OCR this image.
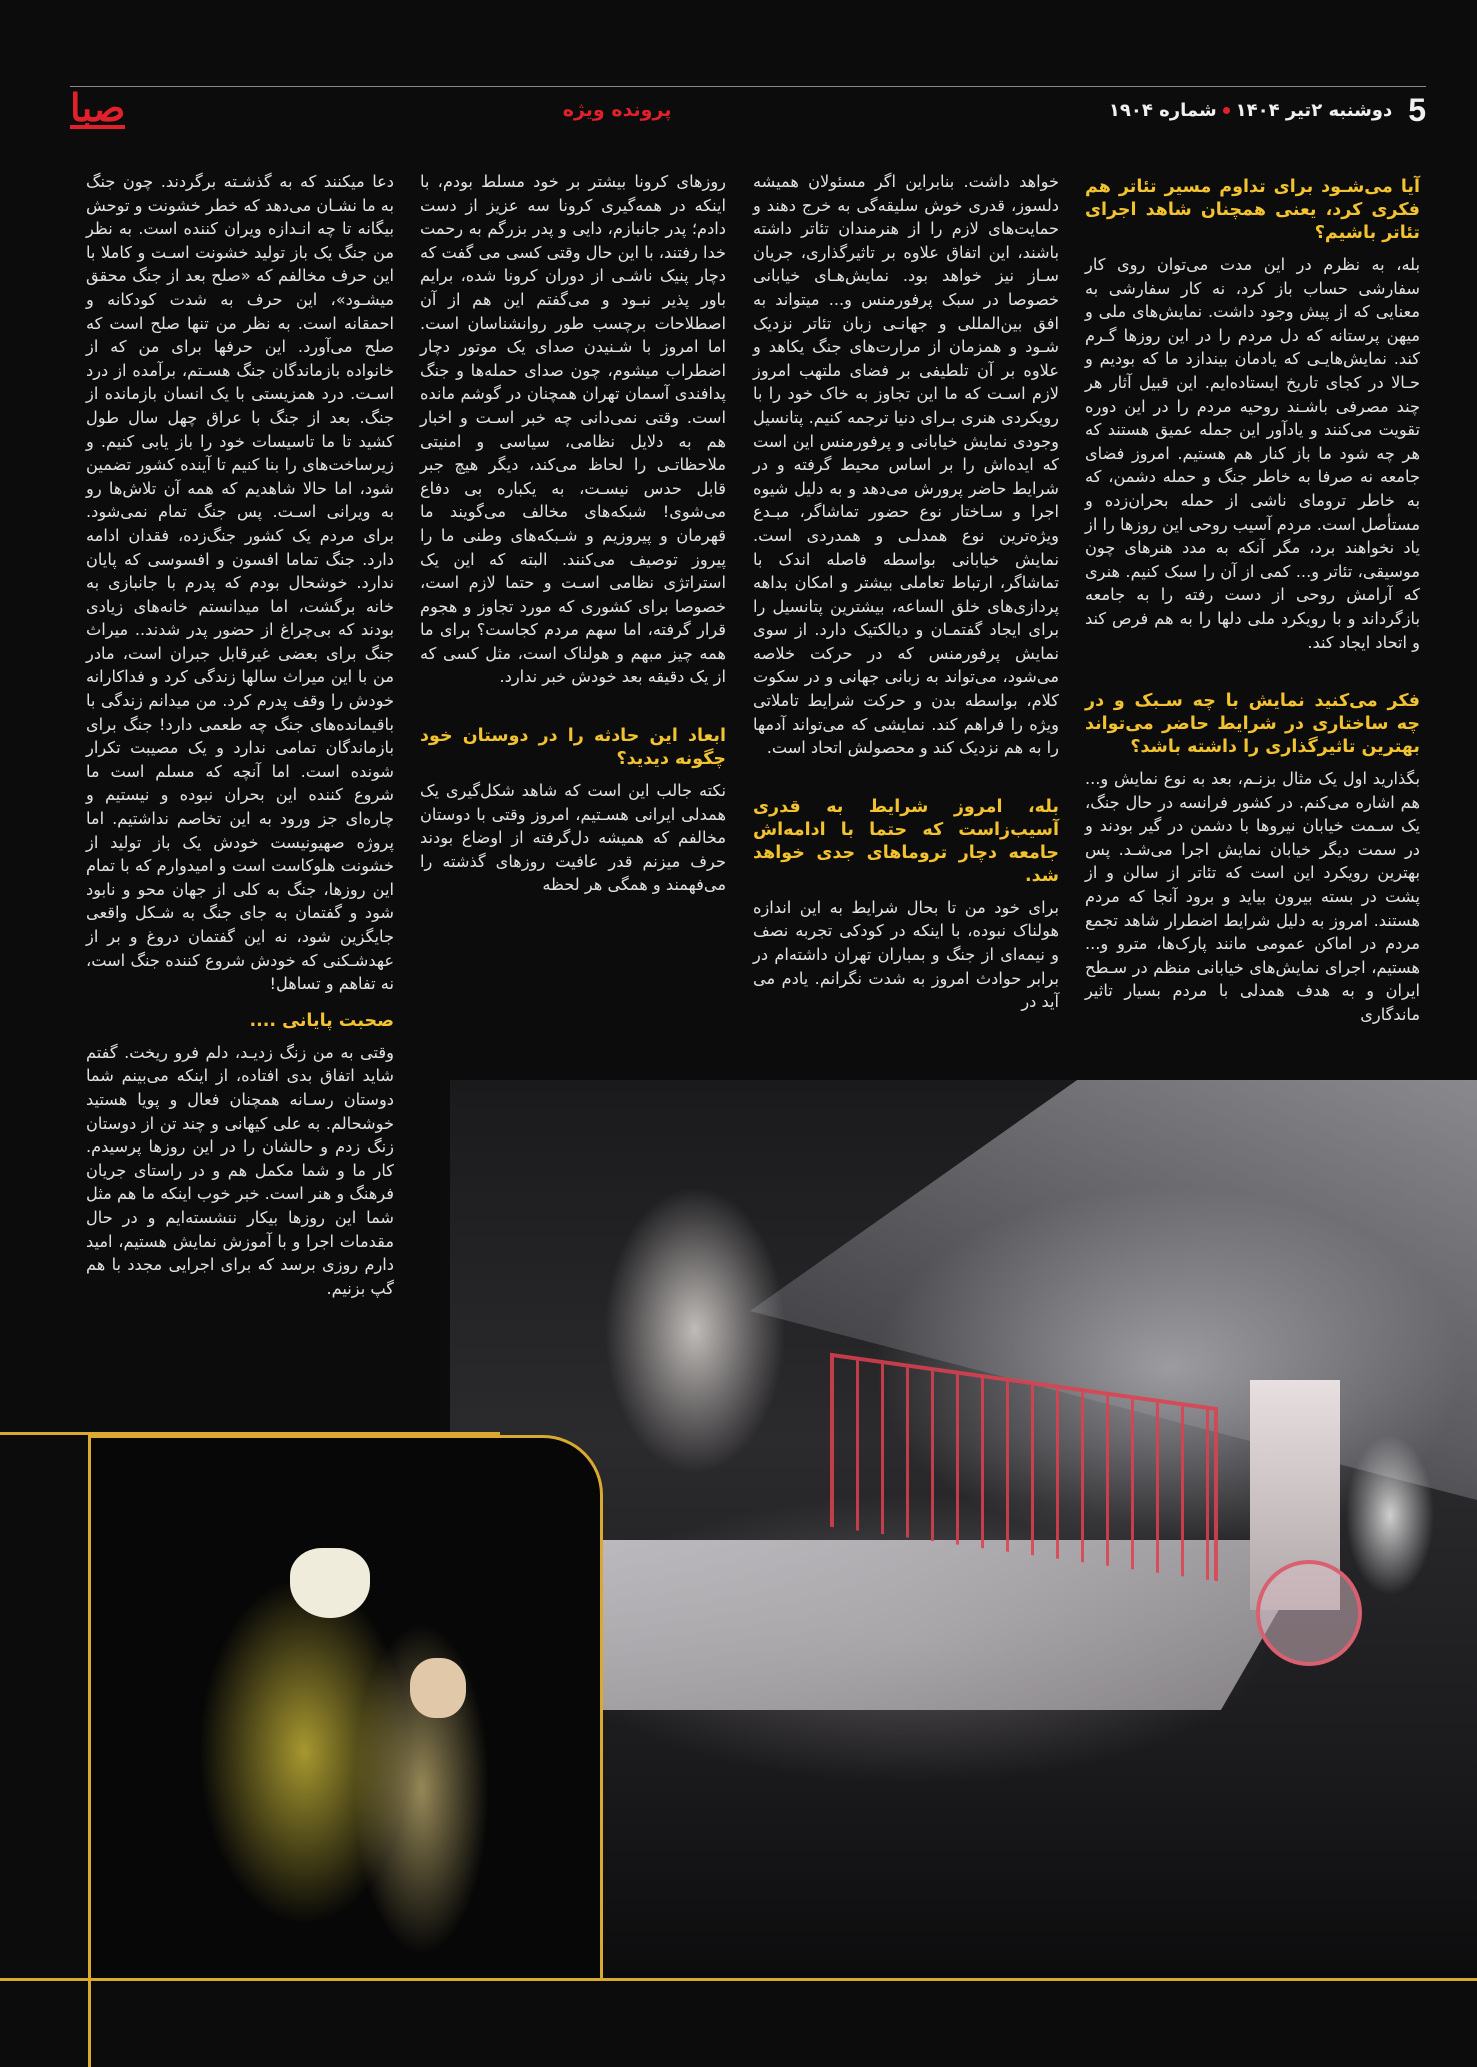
5
دوشنبه ۲تیر ۱۴۰۴شماره ۱۹۰۴
پرونده ویژه
صبا
آیا می‌شـود برای تداوم مسیر تئاتر هم فکری کرد، یعنی همچنان شاهد اجرای تئاتر باشیم؟

بله، به نظرم در این مدت می‌توان روی کار سفارشی حساب باز کرد، نه کار سفارشی به معنایی که از پیش وجود داشت. نمایش‌های ملی و میهن پرستانه که دل مردم را در این روزها گـرم کند. نمایش‌هایـی که یادمان بیندازد ما که بودیم و حـالا در کجای تاریخ ایستاده‌ایم. این قبیل آثار هر چند مصرفی باشـند روحیه مردم را در این دوره تقویت می‌کنند و یادآور این جمله عمیق هستند که هر چه شود ما باز کنار هم هستیم. امروز فضای جامعه نه صرفا به خاطر جنگ و حمله دشمن، که به خاطر تروما‌ی ناشی از حمله بحران‌زده و مستأصل است. مردم آسیب روحی این روزها را از یاد نخواهند برد، مگر آنکه به مدد هنرهای چون موسیقی، تئاتر و... کمی از آن را سبک کنیم. هنری که آرامش روحی از دست رفته را به جامعه بازگرداند و با رویکرد ملی دلها را به هم فرص کند و اتحاد ایجاد کند.

فکر می‌کنید نمایش با چه سـبک و در چه ساختاری در شرایط حاضر می‌تواند بهترین تاثیرگذاری را داشته باشد؟

بگذارید اول یک مثال بزنـم، بعد به نوع نمایش و... هم اشاره می‌کنم. در کشور فرانسه در حال جنگ، یک سـمت خیابان نیروها با دشمن در گیر بودند و در سمت دیگر خیابان نمایش اجرا می‌شـد. پس بهترین رویکرد این است که تئاتر از سالن و از پشت در بسته بیرون بیاید و برود آنجا که مردم هستند. امروز به دلیل شرایط اضطرار شاهد تجمع مردم در اماکن عمومی مانند پارک‌ها، مترو و... هستیم، اجرای نمایش‌های خیابانی منظم در سـطح ایران و به هدف همدلی با مردم بسیار تاثیر ماندگاری

خواهد داشت. بنابراین اگر مسئولان همیشه دلسوز، قدری خوش سلیقه‌گی به خرج دهند و حمایت‌های لازم را از هنرمندان تئاتر داشته باشند، این اتفاق علاوه بر تاثیرگذاری، جریان سـاز نیز خواهد بود. نمایش‌هـای خیابانی خصوصا در سبک پرفورمنس و... میتواند به افق بین‌المللی و جهانـی زبان تئاتر نزدیک شـود و همزمان از مرارت‌های جنگ یکاهد و علاوه بر آن تلطیفی بر فضای ملتهب امروز لازم اسـت که ما این تجاوز به خاک خود را با رویکردی هنری بـرای دنیا ترجمه کنیم. پتانسیل وجودی نمایش خیابانی و پرفورمنس این است که ایده‌اش را بر اساس محیط گرفته و در شرایط حاضر پرورش می‌دهد و به دلیل شیوه اجرا و سـاختار نوع حضور تماشاگر، مبـدع ویژه‌ترین نوع همدلـی و همدردی است. نمایش خیابانی بواسطه فاصله اندک با تماشاگر، ارتباط تعاملی بیشتر و امکان بداهه پردازی‌های خلق الساعه، بیشترین پتانسیل را برای ایجاد گفتمـان و دیالکتیک دارد. از سوی نمایش پرفورمنس که در حرکت خلاصه می‌شود، می‌تواند به زبانی جهانی و در سکوت کلام، بواسطه بدن و حرکت شرایط تاملاتی ویژه را فراهم کند. نمایشی که می‌تواند آدمها را به هم نزدیک کند و محصولش اتحاد است.

بله، امروز شرایط به قدری آسیب‌زاست که حتما با ادامه‌اش جامعه دچار تروماهای جدی خواهد شد.

برای خود من تا بحال شرایط به این اندازه هولناک نبوده، با اینکه در کودکی تجربه نصف و نیمه‌ای از جنگ و بمباران تهران داشته‌ام در برابر حوادث امروز به شدت نگرانم. یادم می آید در

روزهای کرونا بیشتر بر خود مسلط بودم، با اینکه در همه‌گیری کرونا سه عزیز از دست دادم؛ پدر جانبازم، دایی و پدر بزرگم به رحمت خدا رفتند، با این حال وقتی کسی می گفت که دچار پنیک ناشـی از دوران کرونا شده، برایم باور پذیر نبـود و می‌گفتم این هم از آن اصطلاحات برچسب طور روانشناسان است. اما امروز با شـنیدن صدای یک موتور دچار اضطراب میشوم، چون صدای حمله‌ها و جنگ پدافندی آسمان تهران همچنان در گوشم مانده است. وقتی نمی‌دانی چه خبر اسـت و اخبار هم به دلایل نظامی، سیاسی و امنیتی ملاحظاتـی را لحاظ می‌کند، دیگر هیچ جبر قابل حدس نیسـت، به یکباره بی دفاع می‌شوی! شبکه‌های مخالف می‌گویند ما قهرمان و پیروزیم و شـبکه‌های وطنی ما را پیروز توصیف می‌کنند. البته که این یک استراتژی نظامی اسـت و حتما لازم است، خصوصا برای کشوری که مورد تجاوز و هجوم قرار گرفته، اما سهم مردم کجاست؟ برای ما همه چیز مبهم و هولناک است، مثل کسی که از یک دقیقه بعد خودش خبر ندارد.

ابعاد این حادثه را در دوستان خود چگونه دیدید؟

نکته جالب این است که شاهد شکل‌گیری یک همدلی ایرانی هسـتیم، امروز وقتی با دوستان مخالفم که همیشه دل‌گرفته از اوضاع بودند حرف میزنم قدر عافیت روزهای گذشته را می‌فهمند و همگی هر لحظه

دعا میکنند که به گذشـته برگردند. چون جنگ به ما نشـان می‌دهد که خطر خشونت و توحش بیگانه تا چه انـدازه ویران کننده است. به نظر من جنگ یک باز تولید خشونت اسـت و کاملا با این حرف مخالفم که «صلح بعد از جنگ محقق میشـود»، این حرف به شدت کودکانه و احمقانه است. به نظر من تنها صلح است که صلح می‌آورد. این حرفها برای من که از خانواده بازماندگان جنگ هسـتم، برآمده از درد اسـت. درد همزیستی با یک انسان بازمانده از جنگ. بعد از جنگ با عراق چهل سال طول کشید تا ما تاسیسات خود را باز یابی کنیم. و زیرساخت‌های را بنا کنیم تا آینده کشور تضمین شود، اما حالا شاهدیم که همه آن تلاش‌ها رو به ویرانی اسـت. پس جنگ تمام نمی‌شود. برای مردم یک کشور جنگ‌زده، فقدان ادامه دارد. جنگ تماما افسون و افسوسی که پایان ندارد. خوشحال بودم که پدرم با جانبازی به خانه برگشت، اما میدانستم خانه‌های زیادی بودند که بی‌چراغ از حضور پدر شدند.. میراث جنگ برای بعضی غیرقابل جبران است، مادر من با این میراث سالها زندگی کرد و فداکارانه خودش را وقف پدرم کرد. من میدانم زندگی با باقیمانده‌های جنگ چه طعمی دارد! جنگ برای بازماندگان تمامی ندارد و یک مصیبت تکرار شونده است. اما آنچه که مسلم است ما شروع کننده این بحران نبوده و نیستیم و چاره‌ای جز ورود به این تخاصم نداشتیم. اما پروژه صهیونیست خودش یک باز تولید از خشونت هلوکاست است و امیدوارم که با تمام این روزها، جنگ به کلی از جهان محو و نابود شود و گفتمان به جای جنگ به شـکل واقعی جایگزین شود، نه این گفتمان دروغ و بر از عهدشـکنی که خودش شروع کننده جنگ است، نه تفاهم و تساهل!

صحبت پایانی ....

وقتی به من زنگ زدیـد، دلم فرو ریخت. گفتم شاید اتفاق بدی افتاده، از اینکه می‌بینم شما دوستان رسـانه همچنان فعال و پویا هستید خوشحالم. به علی کیهانی و چند تن از دوستان زنگ زدم و حالشان را در این روزها پرسیدم. کار ما و شما مکمل هم و در راستای جریان فرهنگ و هنر است. خبر خوب اینکه ما هم مثل شما این روزها بیکار ننشسته‌ایم و در حال مقدمات اجرا و با آموزش نمایش هستیم، امید دارم روزی برسد که برای اجرایی مجدد با هم گپ بزنیم.
